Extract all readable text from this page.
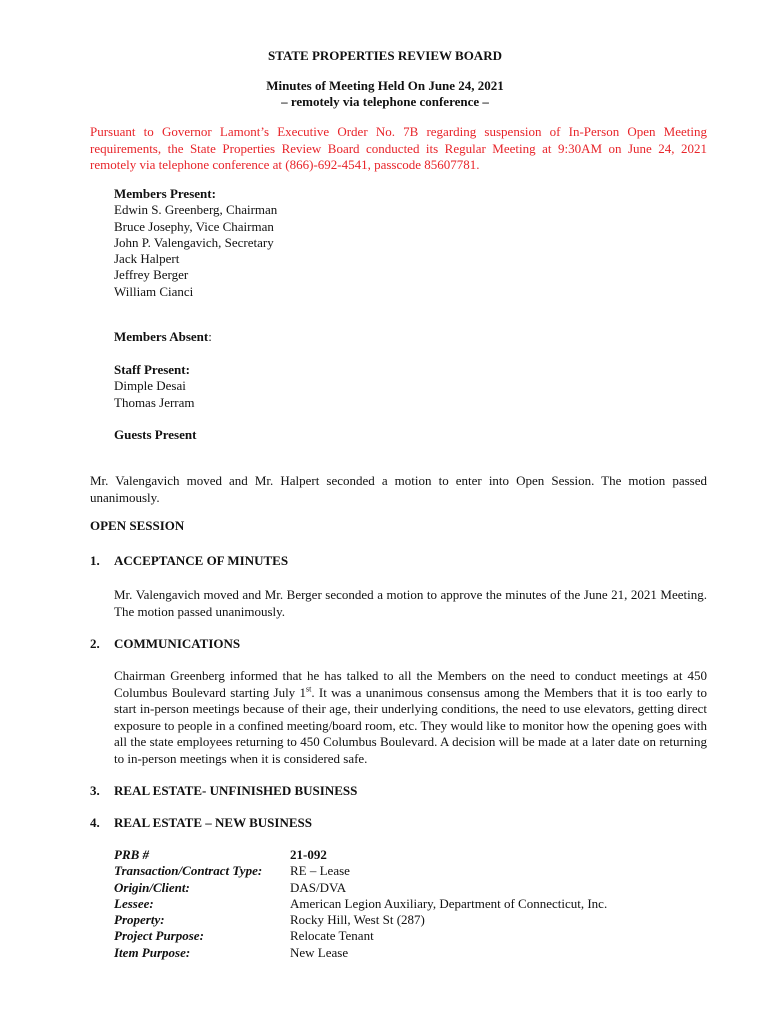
STATE PROPERTIES REVIEW BOARD
Minutes of Meeting Held On June 24, 2021
– remotely via telephone conference –
Pursuant to Governor Lamont’s Executive Order No. 7B regarding suspension of In-Person Open Meeting requirements, the State Properties Review Board conducted its Regular Meeting at 9:30AM on June 24, 2021 remotely via telephone conference at (866)-692-4541, passcode 85607781.
Members Present:
Edwin S. Greenberg, Chairman
Bruce Josephy, Vice Chairman
John P. Valengavich, Secretary
Jack Halpert
Jeffrey Berger
William Cianci
Members Absent:
Staff Present:
Dimple Desai
Thomas Jerram
Guests Present
Mr. Valengavich moved and Mr. Halpert seconded a motion to enter into Open Session. The motion passed unanimously.
OPEN SESSION
1. ACCEPTANCE OF MINUTES
Mr. Valengavich moved and Mr. Berger seconded a motion to approve the minutes of the June 21, 2021 Meeting. The motion passed unanimously.
2. COMMUNICATIONS
Chairman Greenberg informed that he has talked to all the Members on the need to conduct meetings at 450 Columbus Boulevard starting July 1st. It was a unanimous consensus among the Members that it is too early to start in-person meetings because of their age, their underlying conditions, the need to use elevators, getting direct exposure to people in a confined meeting/board room, etc. They would like to monitor how the opening goes with all the state employees returning to 450 Columbus Boulevard. A decision will be made at a later date on returning to in-person meetings when it is considered safe.
3. REAL ESTATE- UNFINISHED BUSINESS
4. REAL ESTATE – NEW BUSINESS
PRB #	21-092
Transaction/Contract Type:	RE – Lease
Origin/Client:	DAS/DVA
Lessee:	American Legion Auxiliary, Department of Connecticut, Inc.
Property:	Rocky Hill, West St (287)
Project Purpose:	Relocate Tenant
Item Purpose:	New Lease
